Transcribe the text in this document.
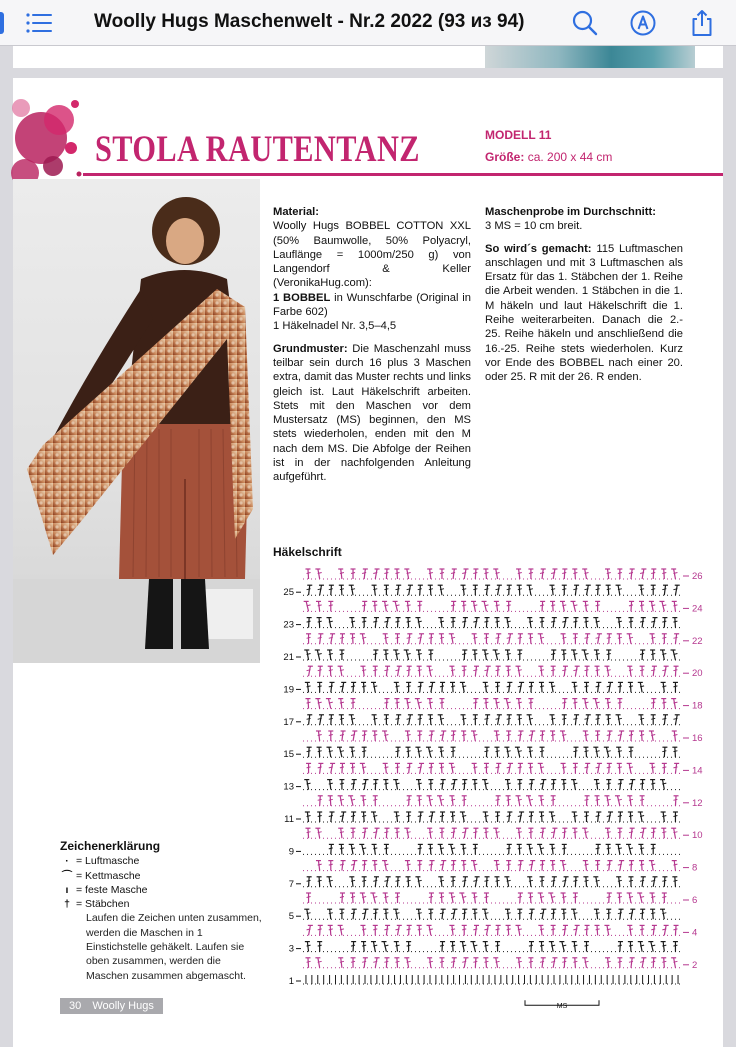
Woolly Hugs Maschenwelt - Nr.2 2022 (93 из 94)
STOLA RAUTENTANZ	MODELL 11
Größe: ca. 200 x 44 cm

Material:
Woolly Hugs BOBBEL COTTON XXL (50% Baumwolle, 50% Polyacryl, Lauflänge = 1000m/250 g) von Langendorf & Keller (VeronikaHug.com):
1 BOBBEL in Wunschfarbe (Original in Farbe 602)
1 Häkelnadel Nr. 3,5–4,5

Grundmuster: Die Maschenzahl muss teilbar sein durch 16 plus 3 Maschen extra, damit das Muster rechts und links gleich ist. Laut Häkelschrift arbeiten. Stets mit den Maschen vor dem Mustersatz (MS) beginnen, den MS stets wiederholen, enden mit den M nach dem MS. Die Abfolge der Reihen ist in der nachfolgenden Anleitung aufgeführt.

Maschenprobe im Durchschnitt:
3 MS = 10 cm breit.

So wird´s gemacht: 115 Luftmaschen anschlagen und mit 3 Luftmaschen als Ersatz für das 1. Stäbchen der 1. Reihe die Arbeit wenden. 1 Stäbchen in die 1. M häkeln und laut Häkelschrift die 1. Reihe weiterarbeiten. Danach die 2.- 25. Reihe häkeln und anschließend die 16.-25. Reihe stets wiederholen. Kurz vor Ende des BOBBEL nach einer 20. oder 25. R mit der 26. R enden.

Häkelschrift
25
23
21
19
17
15
13
11
9
7
5
3
1
26
24
22
20
18
16
14
12
10
8
6
4
2
MS
Zeichenerklärung
· = Luftmasche
⌒ = Kettmasche
ı = feste Masche
† = Stäbchen
Laufen die Zeichen unten zusammen, werden die Maschen in 1 Einstichstelle gehäkelt. Laufen sie oben zusammen, werden die Maschen zusammen abgemascht.
30 Woolly Hugs
